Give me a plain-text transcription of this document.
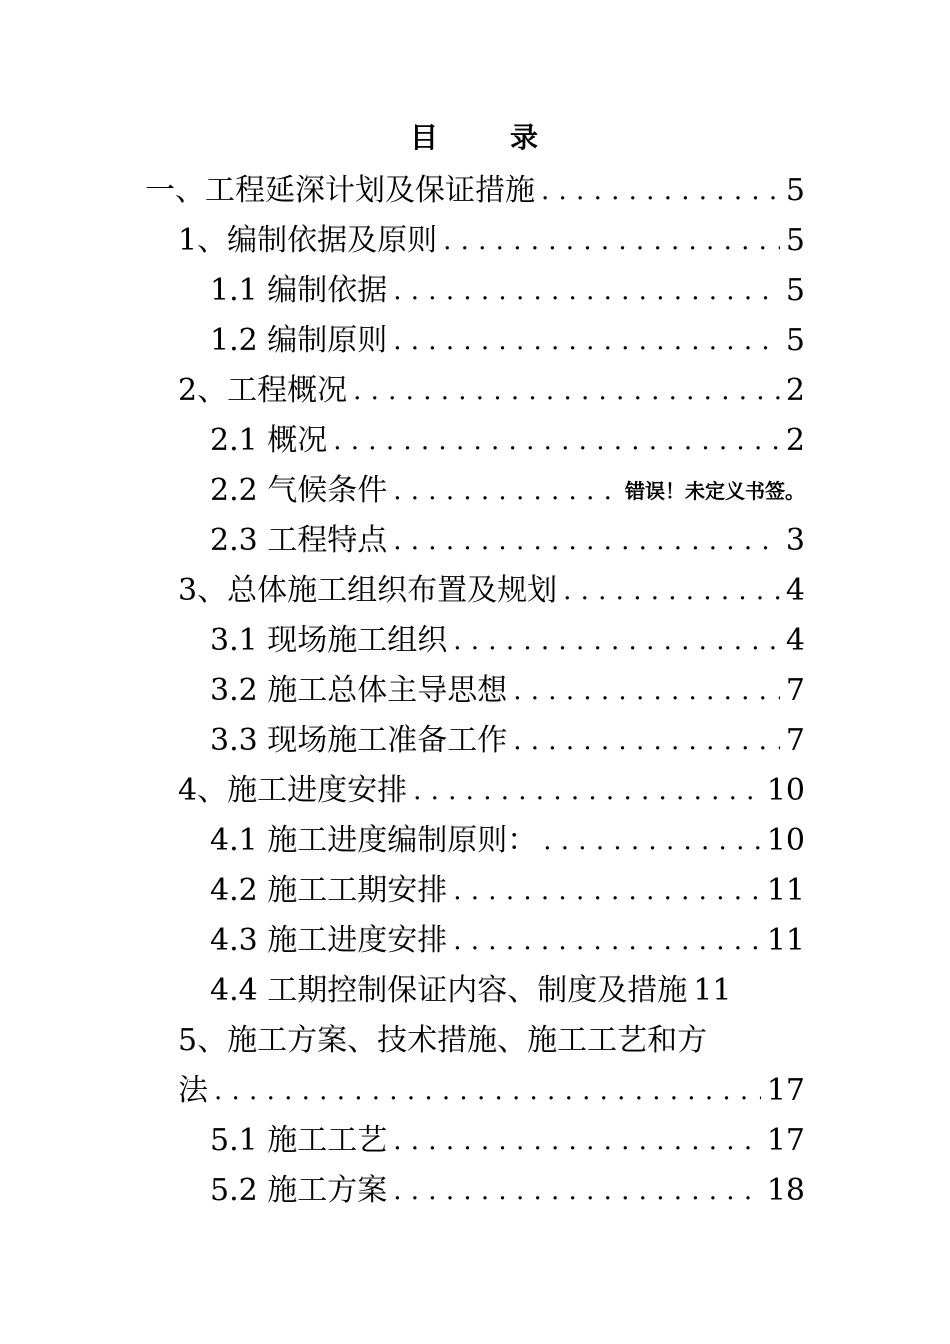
目	录
一、工程延深计划及保证措施 . . .	5
1、编制依据及原则 . . .	5
1.1 编制依据 . . .	5
1.2 编制原则 . . .	5
2、工程概况 . . .	2
2.1 概况 . . .	2
2.2 气候条件 . . .	错误！未定义书签。
2.3 工程特点 . . .	3
3、总体施工组织布置及规划 . . .	4
3.1 现场施工组织 . . .	4
3.2 施工总体主导思想 . . .	7
3.3 现场施工准备工作 . . .	7
4、施工进度安排 . . .	10
4.1 施工进度编制原则： . . .	10
4.2 施工工期安排 . . .	11
4.3 施工进度安排 . . .	11
4.4 工期控制保证内容、制度及措施 11
5、施工方案、技术措施、施工工艺和方
法 . . .	17
5.1 施工工艺 . . .	17
5.2 施工方案 . . .	18
